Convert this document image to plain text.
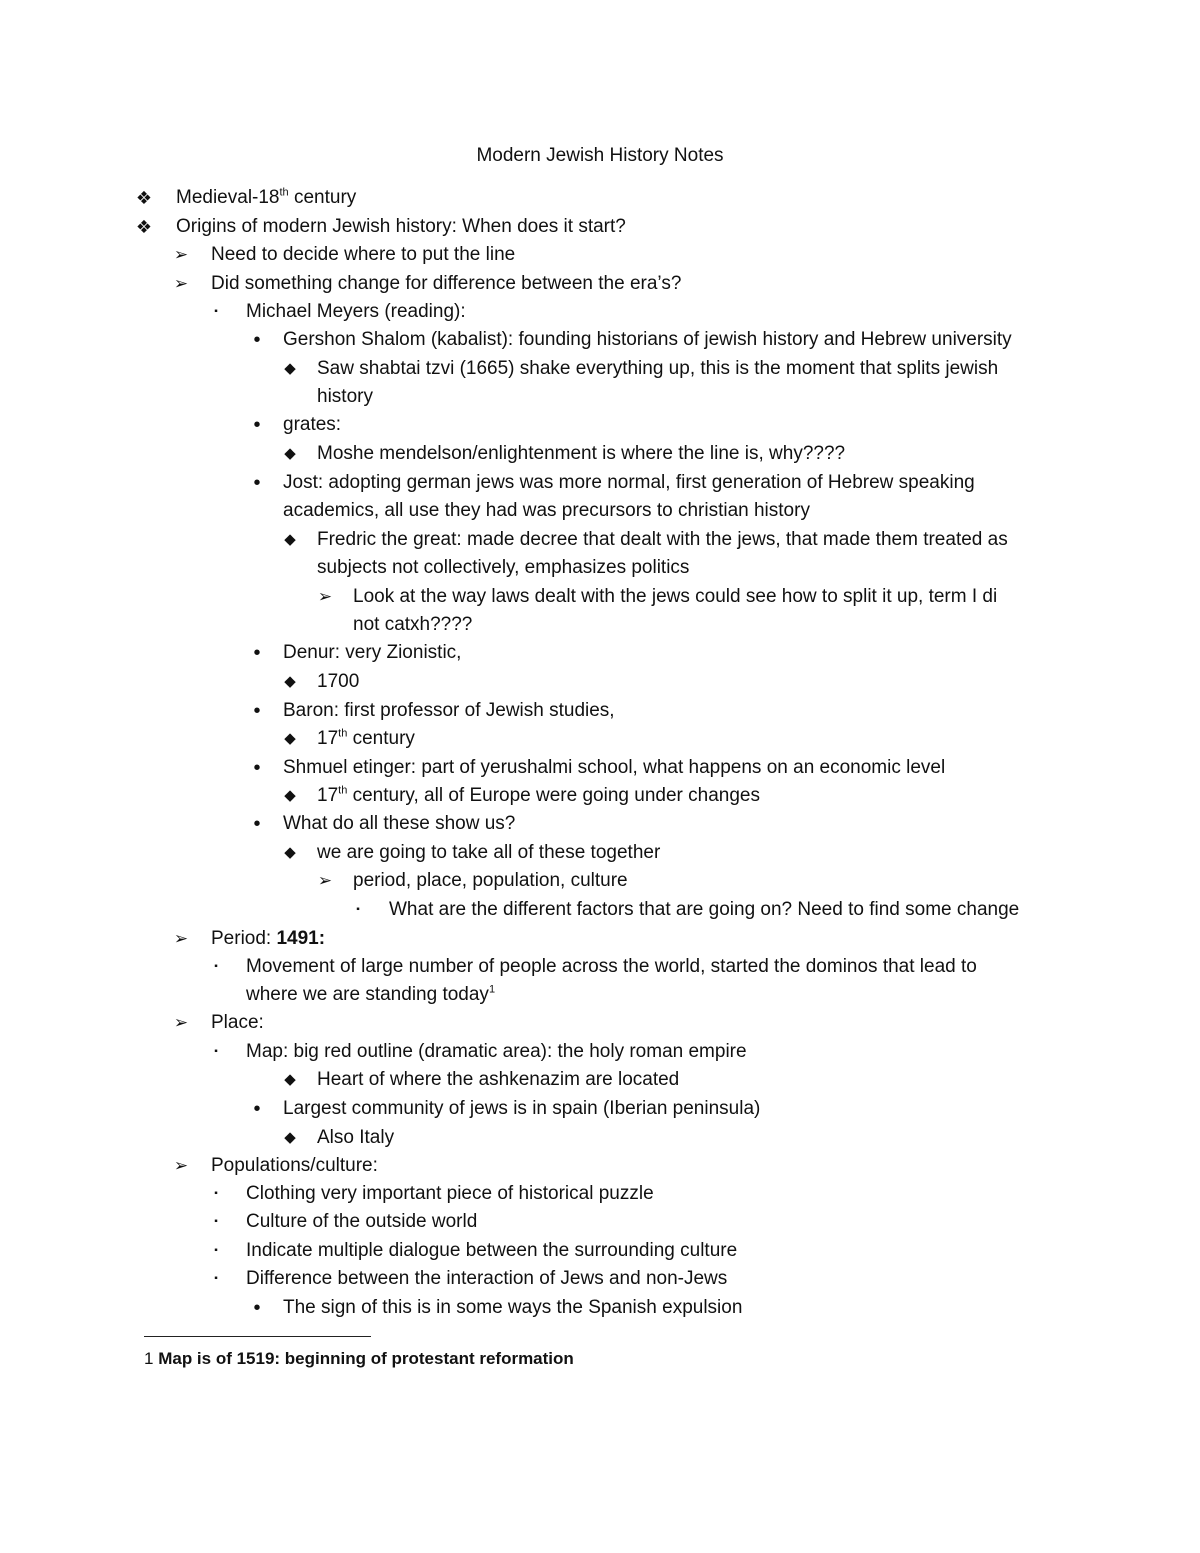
Modern Jewish History Notes
❖ Medieval-18th century
❖ Origins of modern Jewish history: When does it start?
➢ Need to decide where to put the line
➢ Did something change for difference between the era’s?
▪	Michael Meyers (reading):
• Gershon Shalom (kabalist): founding historians of jewish history and Hebrew university
◆ Saw shabtai tzvi (1665) shake everything up, this is the moment that splits jewish
history
• grates:
◆ Moshe mendelson/enlightenment is where the line is, why????
• Jost: adopting german jews was more normal, first generation of Hebrew speaking
academics, all use they had was precursors to christian history
◆ Fredric the great: made decree that dealt with the jews, that made them treated as
subjects not collectively, emphasizes politics
➢ Look at the way laws dealt with the jews could see how to split it up, term I di
not catxh????
• Denur: very Zionistic,
◆ 1700
• Baron: first professor of Jewish studies,
◆ 17th century
• Shmuel etinger: part of yerushalmi school, what happens on an economic level
◆ 17th century, all of Europe were going under changes
• What do all these show us?
◆ we are going to take all of these together
➢ period, place, population, culture
▪	What are the different factors that are going on? Need to find some change
➢ Period: 1491:
▪	Movement of large number of people across the world, started the dominos that lead to
where we are standing today$^1$
➢ Place:
▪	Map: big red outline (dramatic area): the holy roman empire
◆ Heart of where the ashkenazim are located
• Largest community of jews is in spain (Iberian peninsula)
◆ Also Italy
➢ Populations/culture:
▪	Clothing very important piece of historical puzzle
▪	Culture of the outside world
▪	Indicate multiple dialogue between the surrounding culture
▪	Difference between the interaction of Jews and non-Jews
• The sign of this is in some ways the Spanish expulsion
1 Map is of 1519: beginning of protestant reformation
